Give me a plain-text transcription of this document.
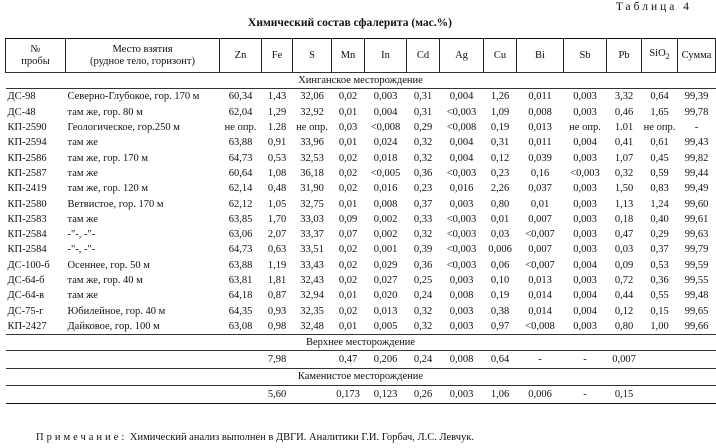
Таблица 4
Химический состав сфалерита (мас.%)
№
пробы	Место взятия
(рудное тело, горизонт)	Zn	Fe	S	Mn	In	Cd	Ag	Cu	Bi	Sb	Pb	SiO$_2$	Сумма
Хинганское месторождение														
ДС-98	Северно-Глубокое, гор. 170 м	60,34	1,43	32,06	0,02	0,003	0,31	0,004	1,26	0,011	0,003	3,32	0,64	99,39
ДС-48	там же, гор. 80 м	62,04	1,29	32,92	0,01	0,004	0,31	<0,003	1,09	0,008	0,003	0,46	1,65	99,78
КП-2590	Геологическое, гор.250 м	не опр.	1.28	не опр.	0,03	<0,008	0,29	<0,008	0,19	0,013	не опр.	1.01	не опр.	-
КП-2594	там же	63,88	0,91	33,96	0,01	0,024	0,32	0,004	0,31	0,011	0,004	0,41	0,61	99,43
КП-2586	там же, гор. 170 м	64,73	0,53	32,53	0,02	0,018	0,32	0,004	0,12	0,039	0,003	1,07	0,45	99,82
КП-2587	там же	60,64	1,08	36,18	0,02	<0,005	0,36	<0,003	0,23	0,16	<0,003	0,32	0,59	99,44
КП-2419	там же, гор. 120 м	62,14	0,48	31,90	0,02	0,016	0,23	0,016	2,26	0,037	0,003	1,50	0,83	99,49
КП-2580	Ветвистое, гор. 170 м	62,12	1,05	32,75	0,01	0,008	0,37	0,003	0,80	0,01	0,003	1,13	1,24	99,60
КП-2583	там же	63,85	1,70	33,03	0,09	0,002	0,33	<0,003	0,01	0,007	0,003	0,18	0,40	99,61
КП-2584	-"-, -"-	63,06	2,07	33,37	0,07	0,002	0,32	<0,003	0,03	<0,007	0,003	0,47	0,29	99,63
КП-2584	-"-, -"-	64,73	0,63	33,51	0,02	0,001	0,39	<0,003	0,006	0,007	0,003	0,03	0,37	99,79
ДС-100-б	Осеннее, гор. 50 м	63,88	1,19	33,43	0,02	0,029	0,36	<0,003	0,06	<0,007	0,004	0,09	0,53	99,59
ДС-64-б	там же, гор. 40 м	63,81	1,81	32,43	0,02	0,027	0,25	0,003	0,10	0,013	0,003	0,72	0,36	99,55
ДС-64-в	там же	64,18	0,87	32,94	0,01	0,020	0,24	0,008	0,19	0,014	0,004	0,44	0,55	99,48
ДС-75-г	Юбилейное, гор. 40 м	64,35	0,93	32,35	0,02	0,013	0,32	0,003	0,38	0,014	0,004	0,12	0,15	99,65
КП-2427	Дайковое, гор. 100 м	63,08	0,98	32,48	0,01	0,005	0,32	0,003	0,97	<0,008	0,003	0,80	1,00	99,66
Верхнее месторождение														
			7,98		0,47	0,206	0,24	0,008	0,64	-	-	0,007		
Каменистое месторождение														
			5,60		0,173	0,123	0,26	0,003	1,06	0,006	-	0,15		
Примечание: Химический анализ выполнен в ДВГИ. Аналитики Г.И. Горбач, Л.С. Левчук.
